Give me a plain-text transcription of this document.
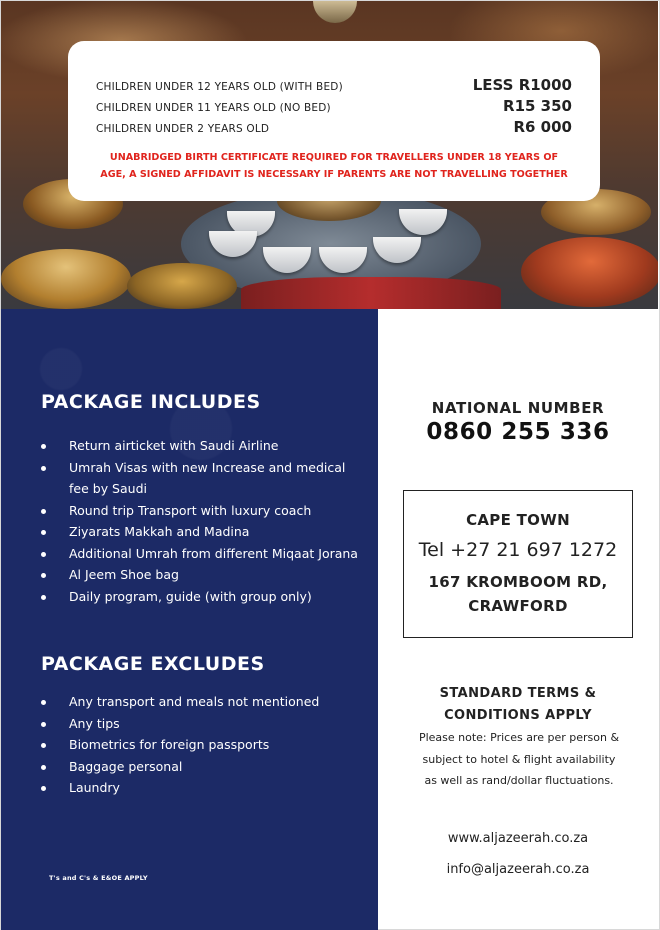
CHILDREN UNDER 12 YEARS OLD (WITH BED)	LESS R1000
CHILDREN UNDER 11 YEARS OLD (NO BED)	R15 350
CHILDREN UNDER 2 YEARS OLD	R6 000
UNABRIDGED BIRTH CERTIFICATE REQUIRED FOR TRAVELLERS UNDER 18 YEARS OF
AGE, A SIGNED AFFIDAVIT IS NECESSARY IF PARENTS ARE NOT TRAVELLING TOGETHER
PACKAGE INCLUDES
Return airticket with Saudi Airline
Umrah Visas with new Increase and medical
fee by Saudi
Round trip Transport with luxury coach
Ziyarats Makkah and Madina
Additional Umrah from different Miqaat Jorana
Al Jeem Shoe bag
Daily program, guide (with group only)
PACKAGE EXCLUDES
Any transport and meals not mentioned
Any tips
Biometrics for foreign passports
Baggage personal
Laundry
T's and C's & E&OE APPLY
NATIONAL NUMBER
0860 255 336
CAPE TOWN
Tel +27 21 697 1272
167 KROMBOOM RD,
CRAWFORD
STANDARD TERMS &
CONDITIONS APPLY
Please note: Prices are per person &
subject to hotel & flight availability
as well as rand/dollar fluctuations.
www.aljazeerah.co.za
info@aljazeerah.co.za
